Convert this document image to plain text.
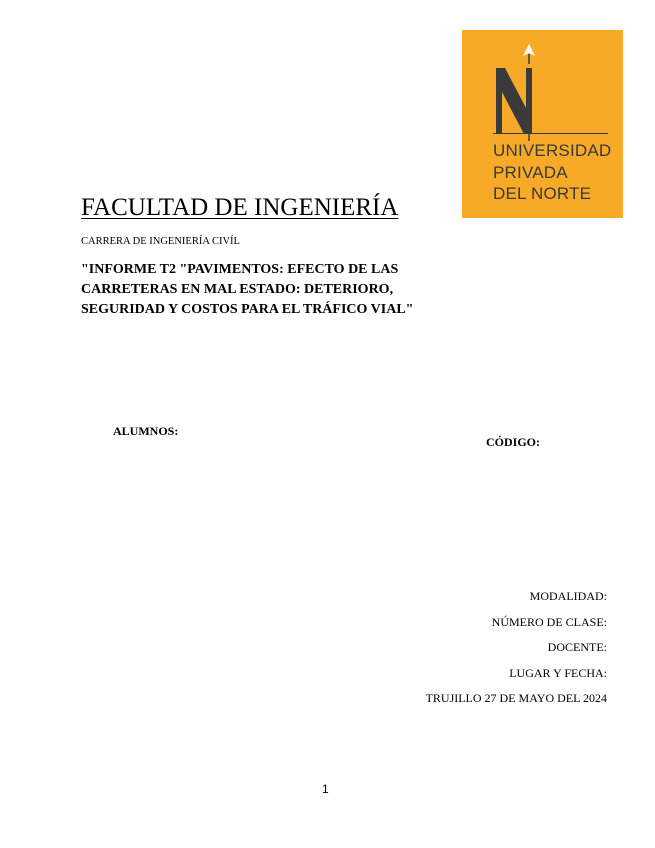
UNIVERSIDAD
PRIVADA
DEL NORTE
FACULTAD DE INGENIERÍA
CARRERA DE INGENIERÍA CIVÍL
"INFORME T2 "PAVIMENTOS: EFECTO DE LAS
CARRETERAS EN MAL ESTADO: DETERIORO,
SEGURIDAD Y COSTOS PARA EL TRÁFICO VIAL"
ALUMNOS:
CÓDIGO:
MODALIDAD:
NÚMERO DE CLASE:
DOCENTE:
LUGAR Y FECHA:
TRUJILLO 27 DE MAYO DEL 2024
1
